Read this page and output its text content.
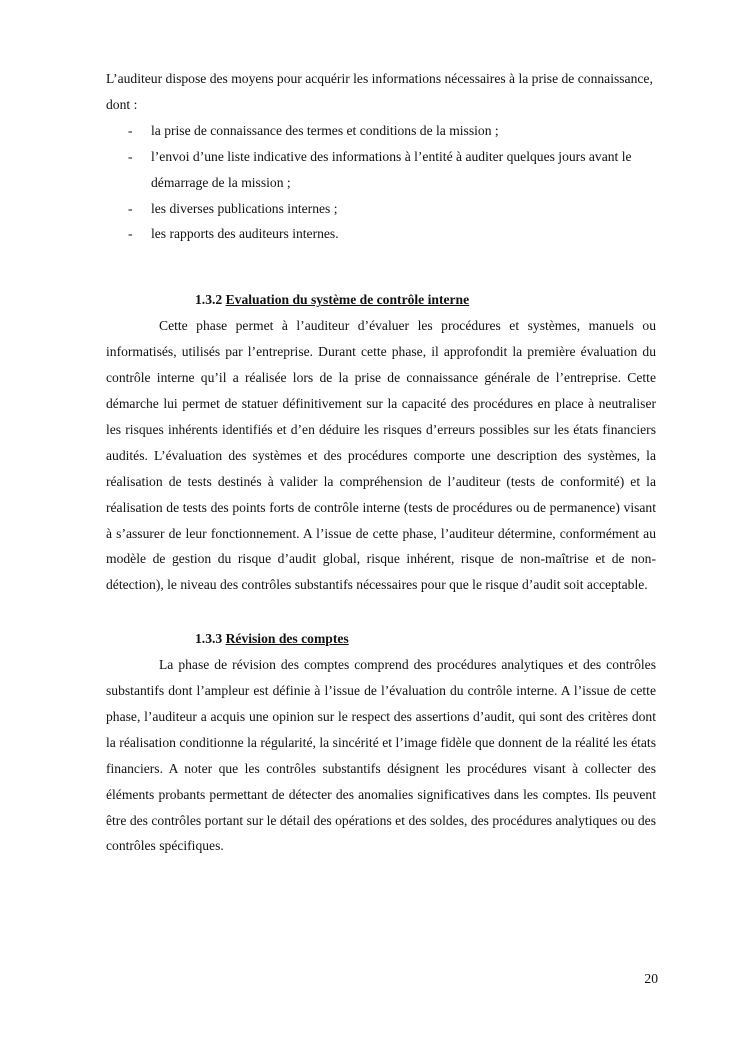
L’auditeur dispose des moyens pour acquérir les informations nécessaires à la prise de connaissance, dont :

- la prise de connaissance des termes et conditions de la mission ;
- l’envoi d’une liste indicative des informations à l’entité à auditer quelques jours avant le démarrage de la mission ;
- les diverses publications internes ;
- les rapports des auditeurs internes.
1.3.2 Evaluation du système de contrôle interne

Cette phase permet à l’auditeur d’évaluer les procédures et systèmes, manuels ou informatisés, utilisés par l’entreprise. Durant cette phase, il approfondit la première évaluation du contrôle interne qu’il a réalisée lors de la prise de connaissance générale de l’entreprise. Cette démarche lui permet de statuer définitivement sur la capacité des procédures en place à neutraliser les risques inhérents identifiés et d’en déduire les risques d’erreurs possibles sur les états financiers audités. L’évaluation des systèmes et des procédures comporte une description des systèmes, la réalisation de tests destinés à valider la compréhension de l’auditeur (tests de conformité) et la réalisation de tests des points forts de contrôle interne (tests de procédures ou de permanence) visant à s’assurer de leur fonctionnement. A l’issue de cette phase, l’auditeur détermine, conformément au modèle de gestion du risque d’audit global, risque inhérent, risque de non-maîtrise et de non-détection), le niveau des contrôles substantifs nécessaires pour que le risque d’audit soit acceptable.

1.3.3 Révision des comptes

La phase de révision des comptes comprend des procédures analytiques et des contrôles substantifs dont l’ampleur est définie à l’issue de l’évaluation du contrôle interne. A l’issue de cette phase, l’auditeur a acquis une opinion sur le respect des assertions d’audit, qui sont des critères dont la réalisation conditionne la régularité, la sincérité et l’image fidèle que donnent de la réalité les états financiers. A noter que les contrôles substantifs désignent les procédures visant à collecter des éléments probants permettant de détecter des anomalies significatives dans les comptes. Ils peuvent être des contrôles portant sur le détail des opérations et des soldes, des procédures analytiques ou des contrôles spécifiques.

20
